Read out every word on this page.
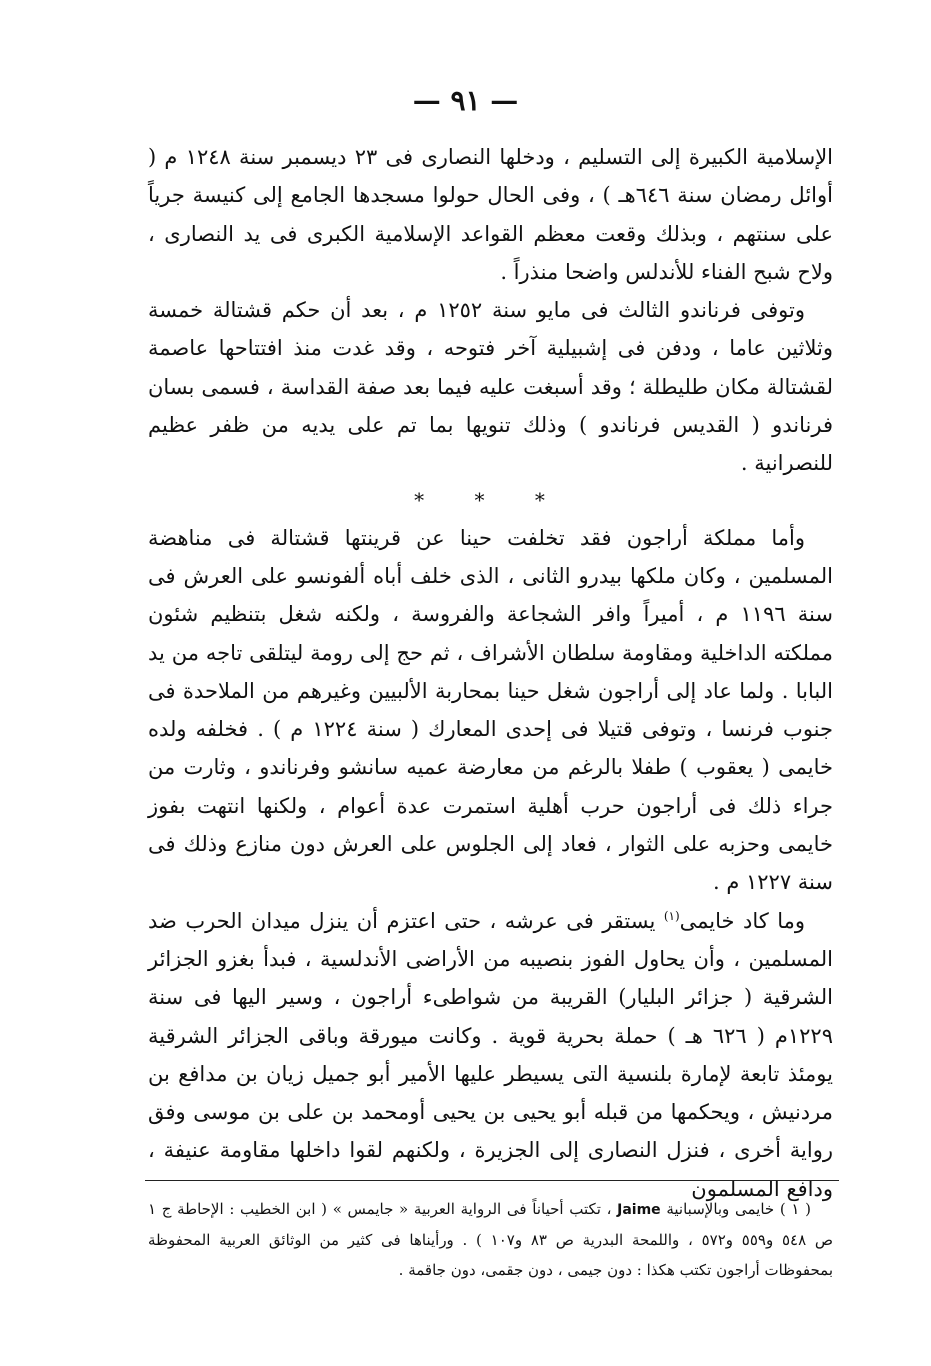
— ٩١ —

الإسلامية الكبيرة إلى التسليم ، ودخلها النصارى فى ٢٣ ديسمبر سنة ١٢٤٨ م ( أوائل رمضان سنة ٦٤٦هـ ) ، وفى الحال حولوا مسجدها الجامع إلى كنيسة جرياً على سنتهم ، وبذلك وقعت معظم القواعد الإسلامية الكبرى فى يد النصارى ، ولاح شبح الفناء للأندلس واضحا منذراً .

وتوفى فرناندو الثالث فى مايو سنة ١٢٥٢ م ، بعد أن حكم قشتالة خمسة وثلاثين عاما ، ودفن فى إشبيلية آخر فتوحه ، وقد غدت منذ افتتاحها عاصمة لقشتالة مكان طليطلة ؛ وقد أسبغت عليه فيما بعد صفة القداسة ، فسمى بسان فرناندو ( القديس فرناندو ) وذلك تنويها بما تم على يديه من ظفر عظيم للنصرانية .

* * *

وأما مملكة أراجون فقد تخلفت حينا عن قرينتها قشتالة فى مناهضة المسلمين ، وكان ملكها بيدرو الثانى ، الذى خلف أباه ألفونسو على العرش فى سنة ١١٩٦ م ، أميراً وافر الشجاعة والفروسة ، ولكنه شغل بتنظيم شئون مملكته الداخلية ومقاومة سلطان الأشراف ، ثم حج إلى رومة ليتلقى تاجه من يد البابا . ولما عاد إلى أراجون شغل حينا بمحاربة الألبيين وغيرهم من الملاحدة فى جنوب فرنسا ، وتوفى قتيلا فى إحدى المعارك ( سنة ١٢٢٤ م ) . فخلفه ولده خايمى ( يعقوب ) طفلا بالرغم من معارضة عميه سانشو وفرناندو ، وثارت من جراء ذلك فى أراجون حرب أهلية استمرت عدة أعوام ، ولكنها انتهت بفوز خايمى وحزبه على الثوار ، فعاد إلى الجلوس على العرش دون منازع وذلك فى سنة ١٢٢٧ م .

وما كاد خايمى$^{(١)}$ يستقر فى عرشه ، حتى اعتزم أن ينزل ميدان الحرب ضد المسلمين ، وأن يحاول الفوز بنصيبه من الأراضى الأندلسية ، فبدأ بغزو الجزائر الشرقية ( جزائر البليار) القريبة من شواطىء أراجون ، وسير اليها فى سنة ١٢٢٩م ( ٦٢٦ هـ ) حملة بحرية قوية . وكانت ميورقة وباقى الجزائر الشرقية يومئذ تابعة لإمارة بلنسية التى يسيطر عليها الأمير أبو جميل زيان بن مدافع بن مردنيش ، ويحكمها من قبله أبو يحيى بن يحيى أومحمد بن على بن موسى وفق رواية أخرى ، فنزل النصارى إلى الجزيرة ، ولكنهم لقوا داخلها مقاومة عنيفة ، ودافع المسلمون

( ١ ) خايمى وبالإسبانية Jaime ، تكتب أحياناً فى الرواية العربية « جايمس » ( ابن الخطيب : الإحاطة ج ١ ص ٥٤٨ و٥٥٩ و٥٧٢ ، واللمحة البدرية ص ٨٣ و١٠٧ ) . ورأيناها فى كثير من الوثائق العربية المحفوظة بمحفوظات أراجون تكتب هكذا : دون جيمى ، دون جقمى، دون جاقمة .
